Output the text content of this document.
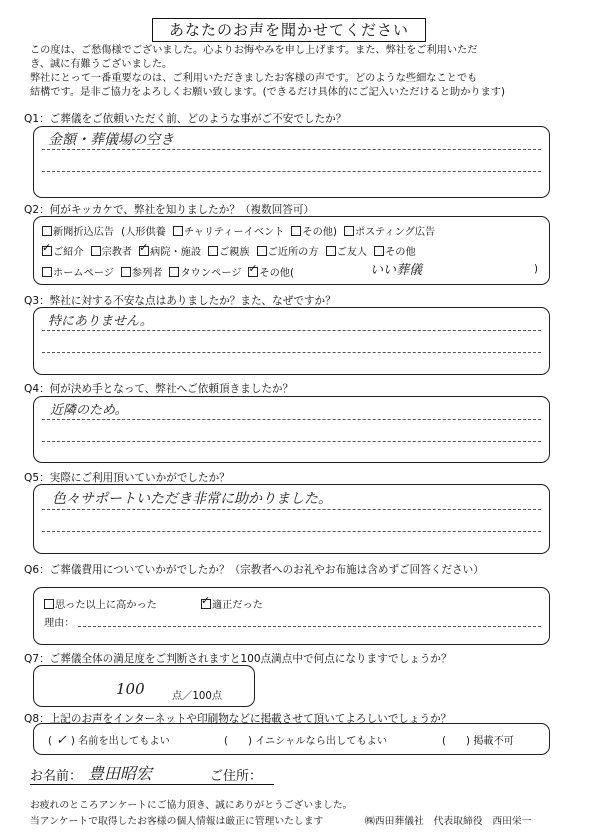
あなたのお声を聞かせてください

この度は、ご愁傷様でございました。心よりお悔やみを申し上げます。また、弊社をご利用いただ

き、誠に有難うございました。

弊社にとって一番重要なのは、ご利用いただきましたお客様の声です。どのような些細なことでも

結構です。是非ご協力をよろしくお願い致します。(できるだけ具体的にご記入いただけると助かります)

Q1：ご葬儀をご依頼いただく前、どのような事がご不安でしたか？
金額・葬儀場の空き
Q2：何がキッカケで、弊社を知りましたか？（複数回答可）
新聞折込広告 (人形供養	チャリティーイベント	その他)	ポスティング広告
✓ご紹介	宗教者 ✓	病院・施設	ご親族	ご近所の方	ご友人	その他
ホームページ	参列者	タウンページ ✓	その他(	いい葬儀	)
Q3：弊社に対する不安な点はありましたか？また、なぜですか？
特にありません。
Q4：何が決め手となって、弊社へご依頼頂きましたか？
近隣のため。
Q5：実際にご利用頂いていかがでしたか？
色々サポートいただき非常に助かりました。
Q6：ご葬儀費用についていかがでしたか？（宗教者へのお礼やお布施は含めずご回答ください）
思った以上に高かった ✓	適正だった
理由：
Q7：ご葬儀全体の満足度をご判断されますと100点満点中で何点になりますでしょうか？
100	点／100点
Q8：上記のお声をインターネットや印刷物などに掲載させて頂いてよろしいでしょうか？
( ✓ ) 名前を出してもよい	( ) イニシャルなら出してもよい	( ) 掲載不可
お名前： 豊田昭宏	ご住所：
お疲れのところアンケートにご協力頂き、誠にありがとうございました。
当アンケートで取得したお客様の個人情報は厳正に管理いたします	㈱西田葬儀社　代表取締役　西田栄一
